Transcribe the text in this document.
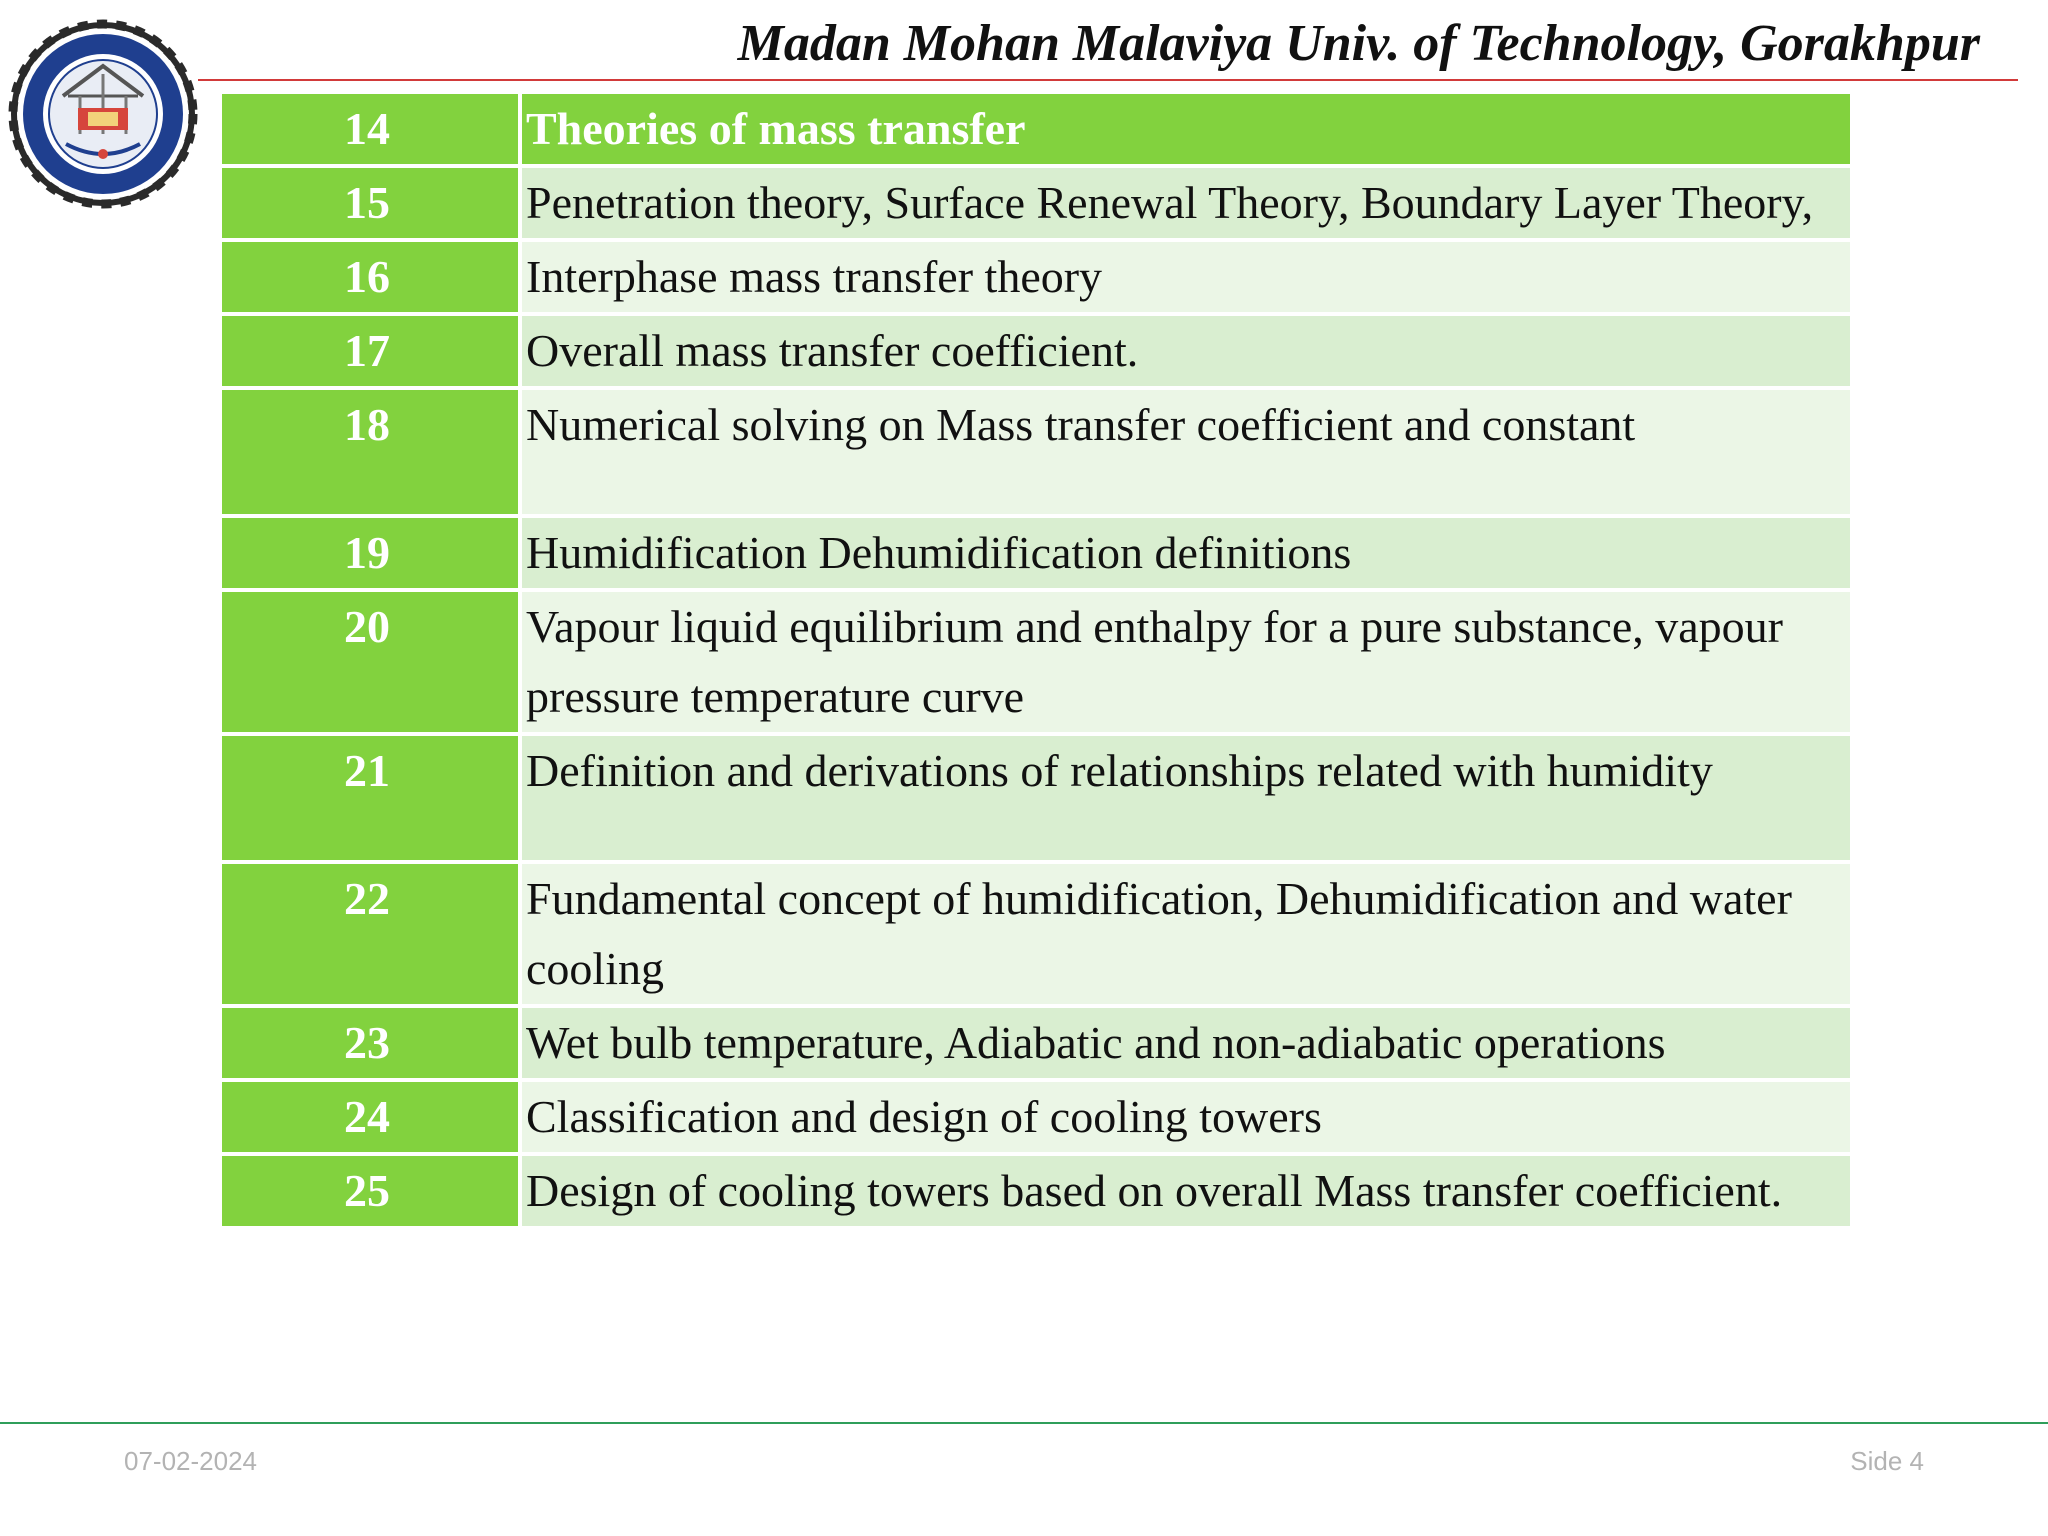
Madan Mohan Malaviya Univ. of Technology, Gorakhpur
14	Theories of mass transfer
15	Penetration theory, Surface Renewal Theory, Boundary Layer Theory,
16	Interphase mass transfer theory
17	Overall mass transfer coefficient.
18	Numerical solving on Mass transfer coefficient and constant
19	Humidification Dehumidification definitions
20	Vapour liquid equilibrium and enthalpy for a pure substance, vapour pressure temperature curve
21	Definition and derivations of relationships related with humidity
22	Fundamental concept of humidification, Dehumidification and water cooling
23	Wet bulb temperature, Adiabatic and non-adiabatic operations
24	Classification and design of cooling towers
25	Design of cooling towers based on overall Mass transfer coefficient.
07-02-2024	Side 4
